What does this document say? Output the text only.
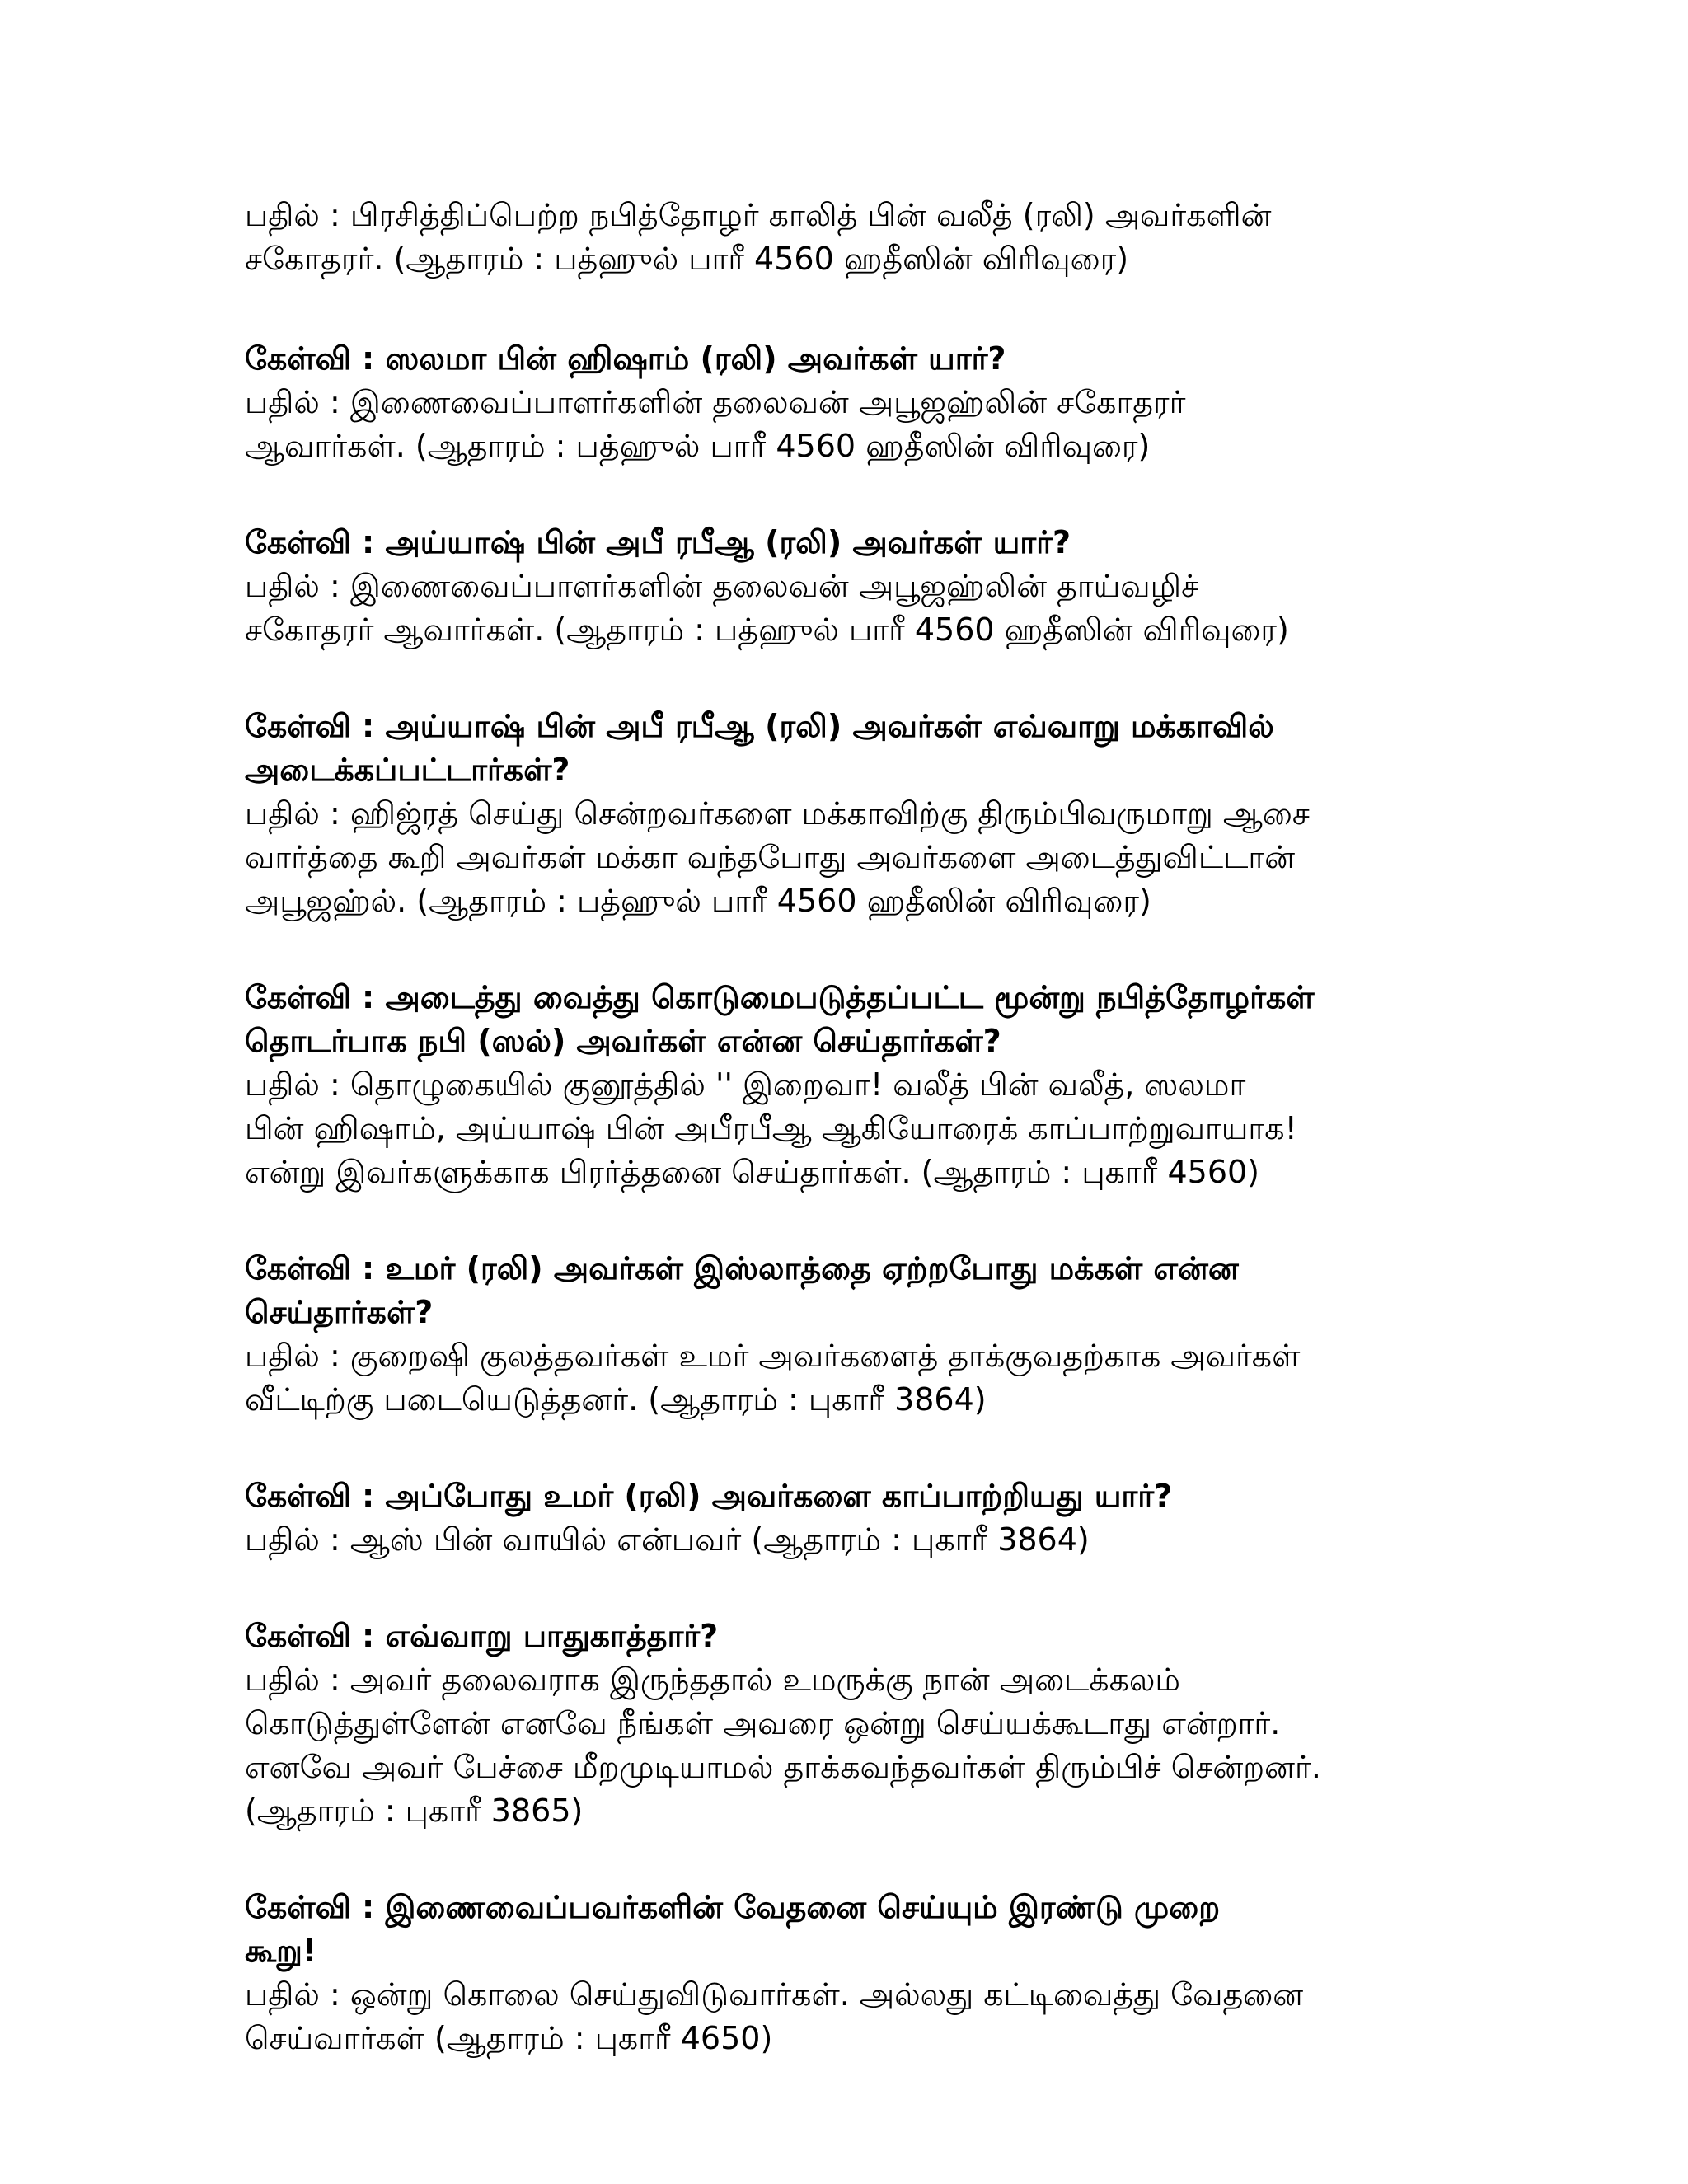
பதில் : பிரசித்திப்பெற்ற நபித்தோழர் காலித் பின் வலீத் (ரலி) அவர்களின்
சகோதரர். (ஆதாரம் : பத்ஹுல் பாரீ 4560 ஹதீஸின் விரிவுரை)
கேள்வி : ஸலமா பின் ஹிஷாம் (ரலி) அவர்கள் யார்?
பதில் : இணைவைப்பாளர்களின் தலைவன் அபூஜஹ்லின் சகோதரர்
ஆவார்கள். (ஆதாரம் : பத்ஹுல் பாரீ 4560 ஹதீஸின் விரிவுரை)
கேள்வி : அய்யாஷ் பின் அபீ ரபீஆ (ரலி) அவர்கள் யார்?
பதில் : இணைவைப்பாளர்களின் தலைவன் அபூஜஹ்லின் தாய்வழிச்
சகோதரர் ஆவார்கள். (ஆதாரம் : பத்ஹுல் பாரீ 4560 ஹதீஸின் விரிவுரை)
கேள்வி : அய்யாஷ் பின் அபீ ரபீஆ (ரலி) அவர்கள் எவ்வாறு மக்காவில்
அடைக்கப்பட்டார்கள்?
பதில் : ஹிஜ்ரத் செய்து சென்றவர்களை மக்காவிற்கு திரும்பிவருமாறு ஆசை
வார்த்தை கூறி அவர்கள் மக்கா வந்தபோது அவர்களை அடைத்துவிட்டான்
அபூஜஹ்ல். (ஆதாரம் : பத்ஹுல் பாரீ 4560 ஹதீஸின் விரிவுரை)
கேள்வி : அடைத்து வைத்து கொடுமைபடுத்தப்பட்ட மூன்று நபித்தோழர்கள்
தொடர்பாக நபி (ஸல்) அவர்கள் என்ன செய்தார்கள்?
பதில் : தொழுகையில் குனூத்தில் '' இறைவா! வலீத் பின் வலீத், ஸலமா
பின் ஹிஷாம், அய்யாஷ் பின் அபீரபீஆ ஆகியோரைக் காப்பாற்றுவாயாக!
என்று இவர்களுக்காக பிரர்த்தனை செய்தார்கள். (ஆதாரம் : புகாரீ 4560)
கேள்வி : உமர் (ரலி) அவர்கள் இஸ்லாத்தை ஏற்றபோது மக்கள் என்ன
செய்தார்கள்?
பதில் : குறைஷி குலத்தவர்கள் உமர் அவர்களைத் தாக்குவதற்காக அவர்கள்
வீட்டிற்கு படையெடுத்தனர். (ஆதாரம் : புகாரீ 3864)
கேள்வி : அப்போது உமர் (ரலி) அவர்களை காப்பாற்றியது யார்?
பதில் : ஆஸ் பின் வாயில் என்பவர் (ஆதாரம் : புகாரீ 3864)
கேள்வி : எவ்வாறு பாதுகாத்தார்?
பதில் : அவர் தலைவராக இருந்ததால் உமருக்கு நான் அடைக்கலம்
கொடுத்துள்ளேன் எனவே நீங்கள் அவரை ஒன்று செய்யக்கூடாது என்றார்.
எனவே அவர் பேச்சை மீறமுடியாமல் தாக்கவந்தவர்கள் திரும்பிச் சென்றனர்.
(ஆதாரம் : புகாரீ 3865)
கேள்வி : இணைவைப்பவர்களின் வேதனை செய்யும் இரண்டு முறை
கூறு!
பதில் : ஒன்று கொலை செய்துவிடுவார்கள். அல்லது கட்டிவைத்து வேதனை
செய்வார்கள் (ஆதாரம் : புகாரீ 4650)
